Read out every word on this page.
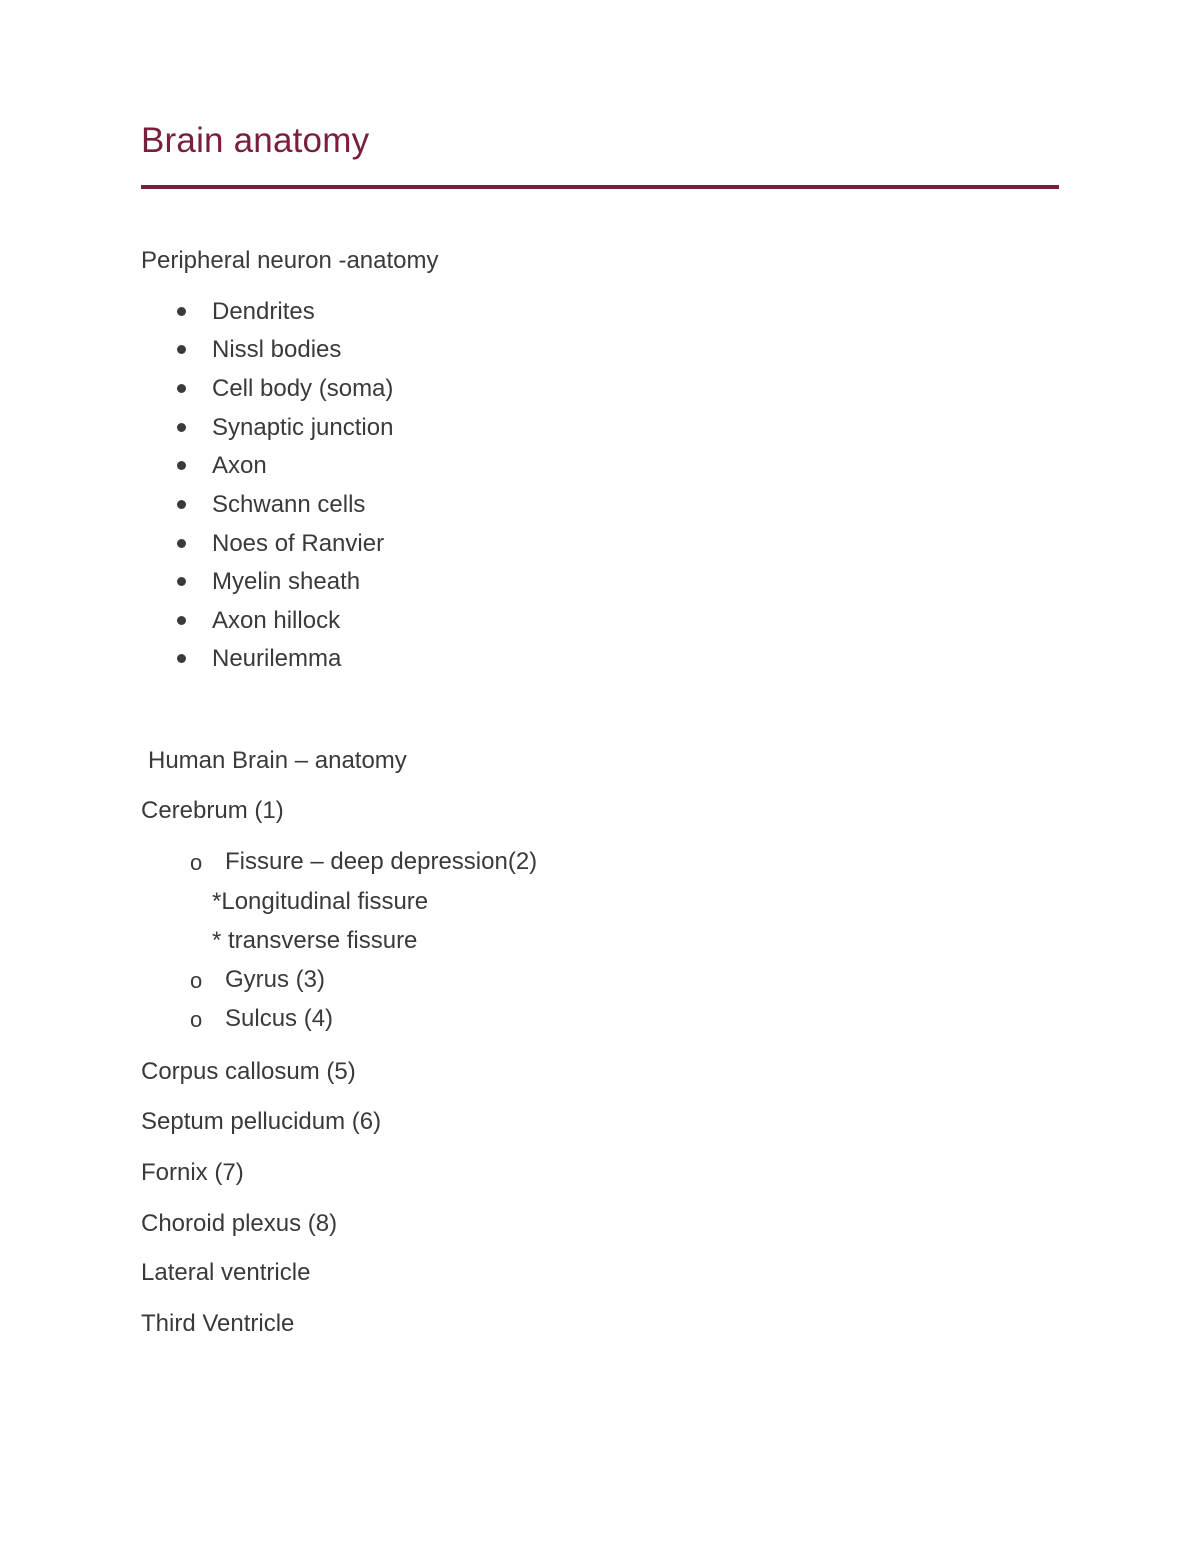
Brain anatomy
Peripheral neuron -anatomy
Dendrites
Nissl bodies
Cell body (soma)
Synaptic junction
Axon
Schwann cells
Noes of Ranvier
Myelin sheath
Axon hillock
Neurilemma
Human Brain – anatomy
Cerebrum (1)
o Fissure – deep depression(2)
*Longitudinal fissure
* transverse fissure
o Gyrus (3)
o Sulcus (4)
Corpus callosum (5)
Septum pellucidum (6)
Fornix (7)
Choroid plexus (8)
Lateral ventricle
Third Ventricle
